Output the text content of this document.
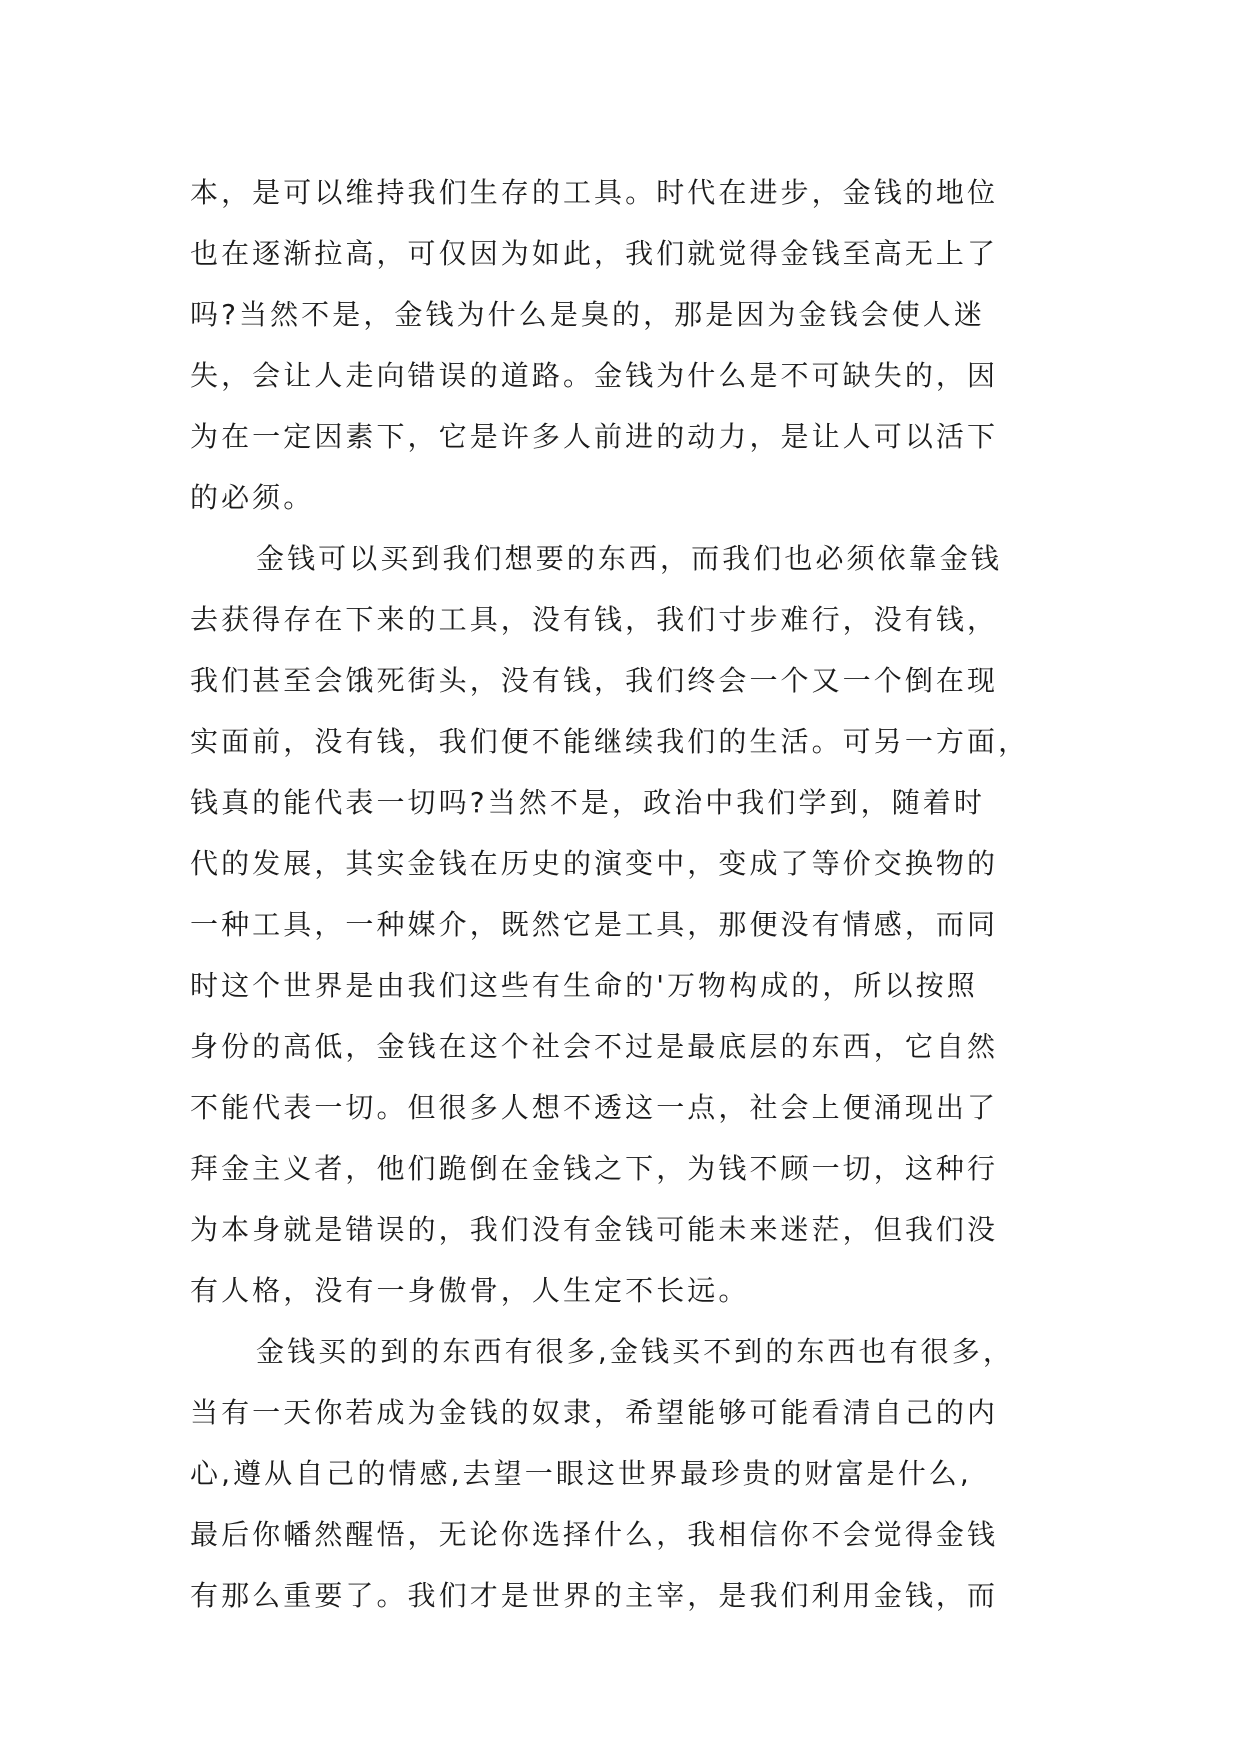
本，是可以维持我们生存的工具。时代在进步，金钱的地位
也在逐渐拉高，可仅因为如此，我们就觉得金钱至高无上了
吗?当然不是，金钱为什么是臭的，那是因为金钱会使人迷
失，会让人走向错误的道路。金钱为什么是不可缺失的，因
为在一定因素下，它是许多人前进的动力，是让人可以活下
的必须。
金钱可以买到我们想要的东西，而我们也必须依靠金钱
去获得存在下来的工具，没有钱，我们寸步难行，没有钱，
我们甚至会饿死街头，没有钱，我们终会一个又一个倒在现
实面前，没有钱，我们便不能继续我们的生活。可另一方面，
钱真的能代表一切吗?当然不是，政治中我们学到，随着时
代的发展，其实金钱在历史的演变中，变成了等价交换物的
一种工具，一种媒介，既然它是工具，那便没有情感，而同
时这个世界是由我们这些有生命的'万物构成的，所以按照
身份的高低，金钱在这个社会不过是最底层的东西，它自然
不能代表一切。但很多人想不透这一点，社会上便涌现出了
拜金主义者，他们跪倒在金钱之下，为钱不顾一切，这种行
为本身就是错误的，我们没有金钱可能未来迷茫，但我们没
有人格，没有一身傲骨，人生定不长远。
金钱买的到的东西有很多,金钱买不到的东西也有很多，
当有一天你若成为金钱的奴隶，希望能够可能看清自己的内
心,遵从自己的情感,去望一眼这世界最珍贵的财富是什么,
最后你幡然醒悟，无论你选择什么，我相信你不会觉得金钱
有那么重要了。我们才是世界的主宰，是我们利用金钱，而
